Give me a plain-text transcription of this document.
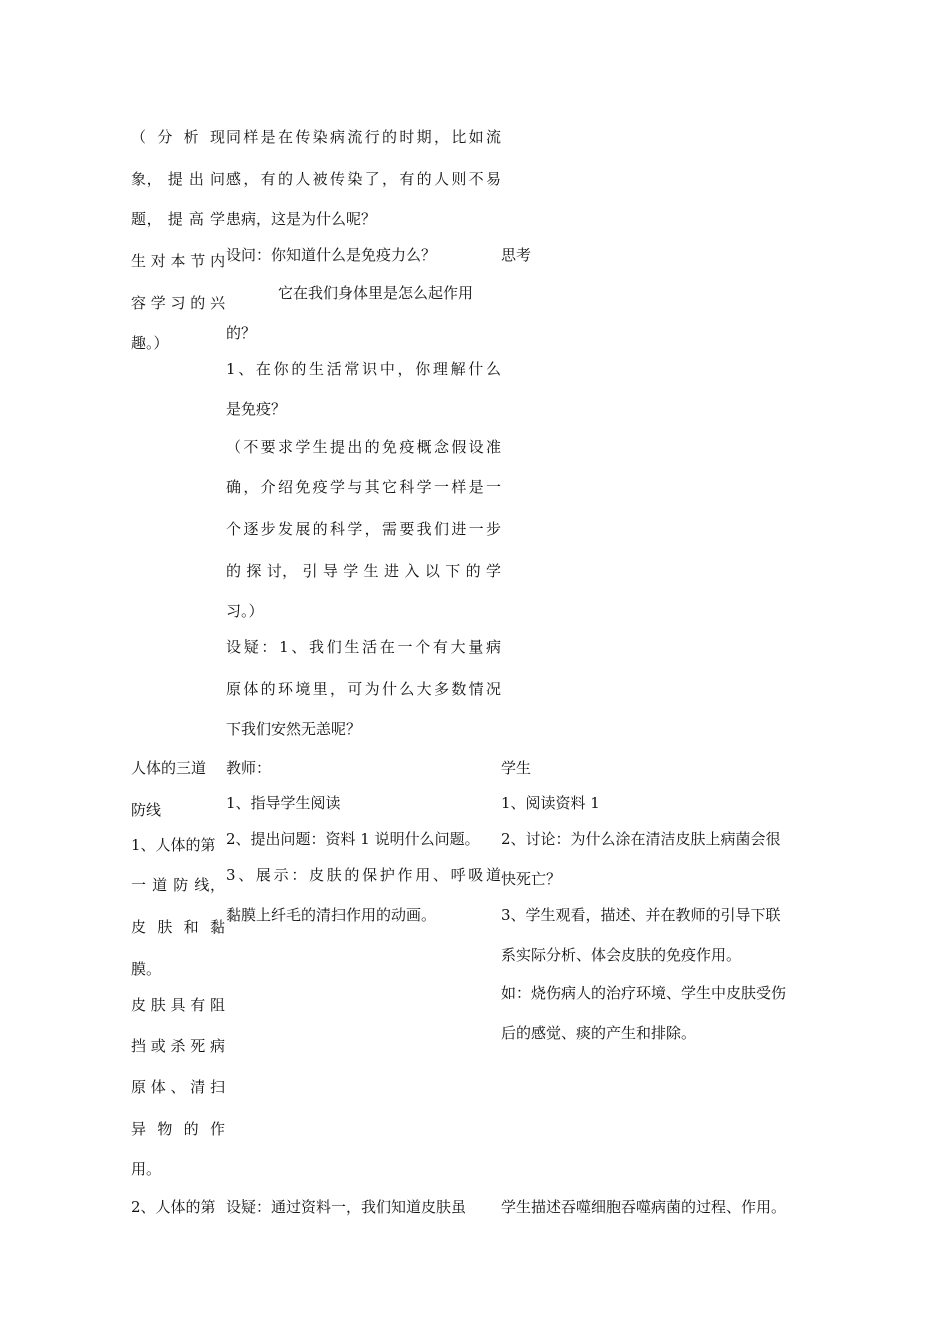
（ 分 析 现
象， 提 出 问
题， 提 高 学
生 对 本 节 内
容 学 习 的 兴
趣。）
人体的三道
防线
1、人体的第
一 道 防 线，
皮 肤 和 黏
膜。
皮肤具有阻
挡或杀死病
原体、清扫
异 物 的 作
用。
2、人体的第
同样是在传染病流行的时期，比如流
感，有的人被传染了，有的人则不易
患病，这是为什么呢？
设问：你知道什么是免疫力么？
它在我们身体里是怎么起作用
的？
1、在你的生活常识中，你理解什么
是免疫？
（不要求学生提出的免疫概念假设准
确，介绍免疫学与其它科学一样是一
个逐步发展的科学，需要我们进一步
的 探 讨， 引 导 学 生 进 入 以 下 的 学
习。）
设疑：1、我们生活在一个有大量病
原体的环境里，可为什么大多数情况
下我们安然无恙呢？
教师：
1、指导学生阅读
2、提出问题：资料 1 说明什么问题。
3、展示：皮肤的保护作用、呼吸道
黏膜上纤毛的清扫作用的动画。
设疑：通过资料一，我们知道皮肤虽
思考
学生
1、阅读资料 1
2、讨论：为什么涂在清洁皮肤上病菌会很
快死亡？
3、学生观看，描述、并在教师的引导下联
系实际分析、体会皮肤的免疫作用。
如：烧伤病人的治疗环境、学生中皮肤受伤
后的感觉、痰的产生和排除。
学生描述吞噬细胞吞噬病菌的过程、作用。
